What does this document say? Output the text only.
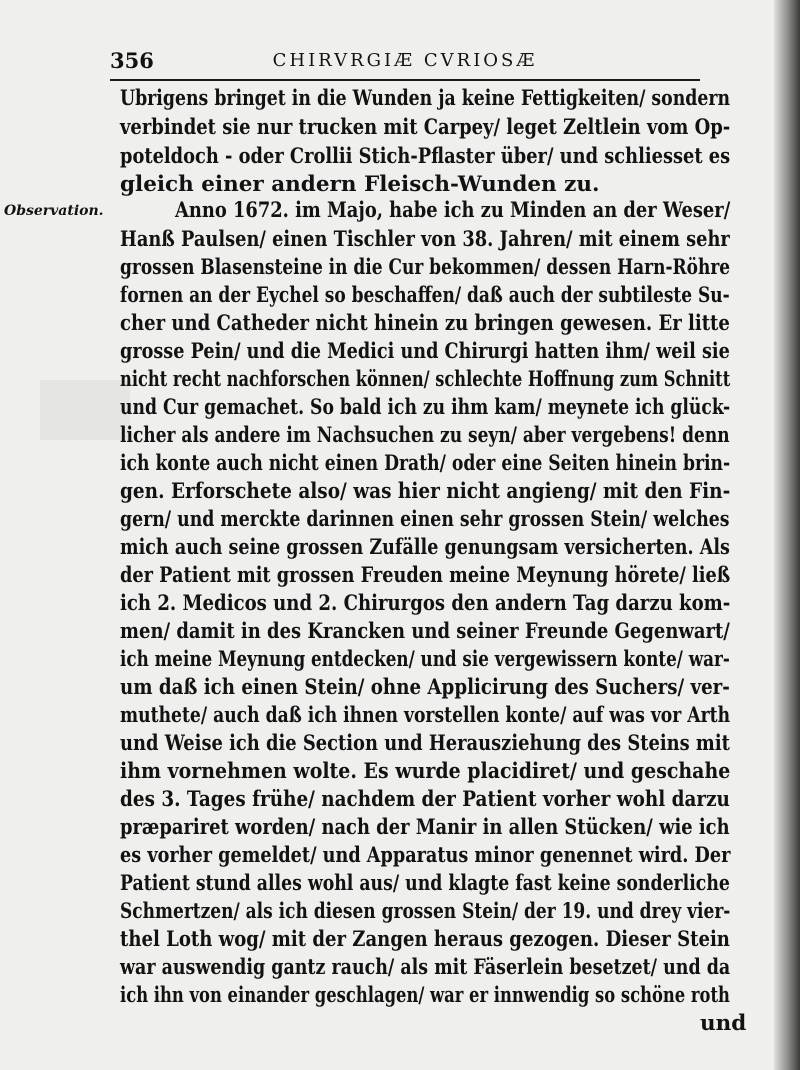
356	CHIRVRGIÆ CVRIOSÆ
Observation.
Ubrigens bringet in die Wunden ja keine Fettigkeiten/ sondern
verbindet sie nur trucken mit Carpey/ leget Zeltlein vom Op-
poteldoch - oder Crollii Stich-Pflaster über/ und schliesset es
gleich einer andern Fleisch-Wunden zu.
Anno 1672. im Majo, habe ich zu Minden an der Weser/
Hanß Paulsen/ einen Tischler von 38. Jahren/ mit einem sehr
grossen Blasensteine in die Cur bekommen/ dessen Harn-Röhre
fornen an der Eychel so beschaffen/ daß auch der subtileste Su-
cher und Catheder nicht hinein zu bringen gewesen. Er litte
grosse Pein/ und die Medici und Chirurgi hatten ihm/ weil sie
nicht recht nachforschen können/ schlechte Hoffnung zum Schnitt
und Cur gemachet. So bald ich zu ihm kam/ meynete ich glück-
licher als andere im Nachsuchen zu seyn/ aber vergebens! denn
ich konte auch nicht einen Drath/ oder eine Seiten hinein brin-
gen. Erforschete also/ was hier nicht angieng/ mit den Fin-
gern/ und merckte darinnen einen sehr grossen Stein/ welches
mich auch seine grossen Zufälle genungsam versicherten. Als
der Patient mit grossen Freuden meine Meynung hörete/ ließ
ich 2. Medicos und 2. Chirurgos den andern Tag darzu kom-
men/ damit in des Krancken und seiner Freunde Gegenwart/
ich meine Meynung entdecken/ und sie vergewissern konte/ war-
um daß ich einen Stein/ ohne Applicirung des Suchers/ ver-
muthete/ auch daß ich ihnen vorstellen konte/ auf was vor Arth
und Weise ich die Section und Herausziehung des Steins mit
ihm vornehmen wolte. Es wurde placidiret/ und geschahe
des 3. Tages frühe/ nachdem der Patient vorher wohl darzu
præpariret worden/ nach der Manir in allen Stücken/ wie ich
es vorher gemeldet/ und Apparatus minor genennet wird. Der
Patient stund alles wohl aus/ und klagte fast keine sonderliche
Schmertzen/ als ich diesen grossen Stein/ der 19. und drey vier-
thel Loth wog/ mit der Zangen heraus gezogen. Dieser Stein
war auswendig gantz rauch/ als mit Fäserlein besetzet/ und da
ich ihn von einander geschlagen/ war er innwendig so schöne roth
und
